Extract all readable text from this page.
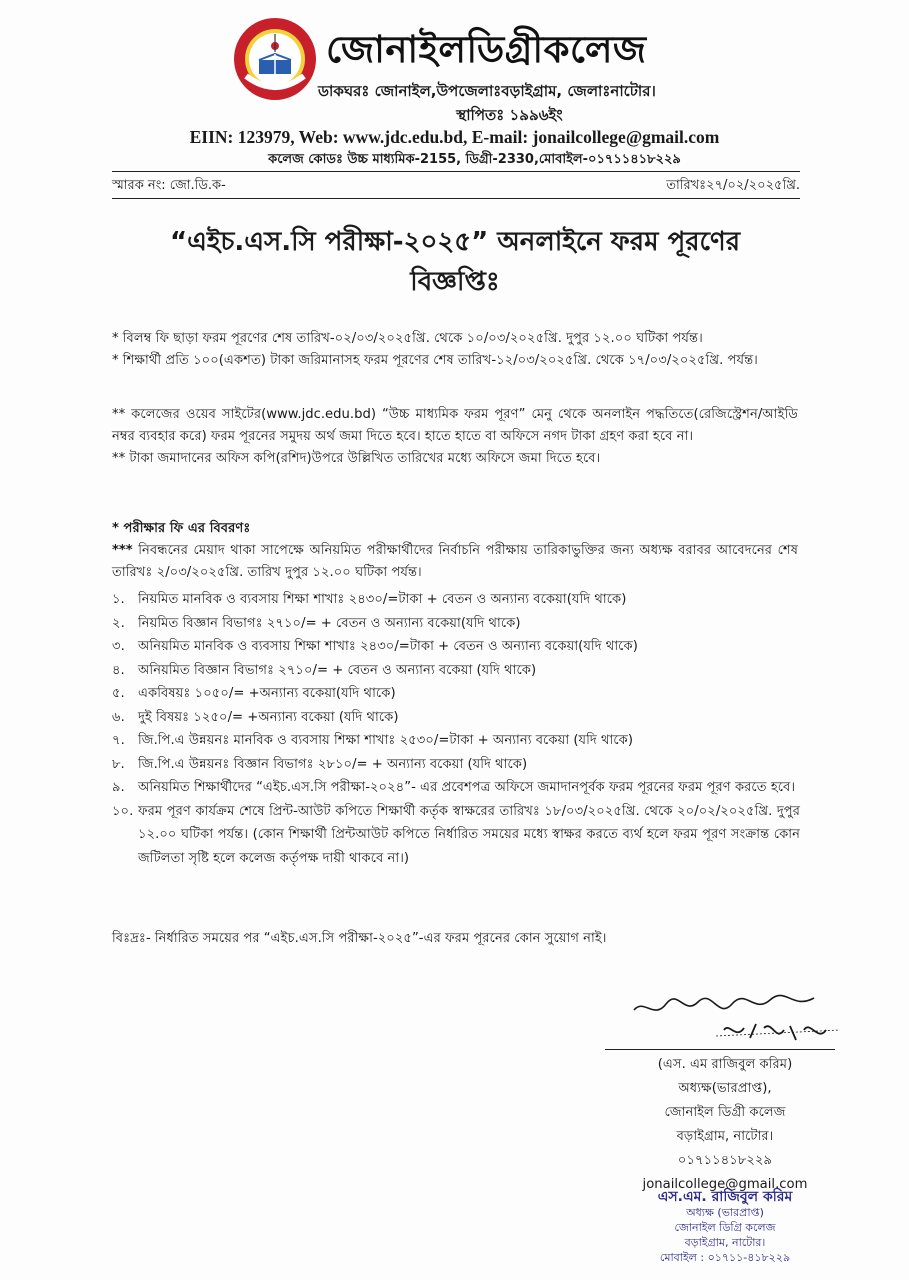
জোনাইলডিগ্রীকলেজ
ডাকঘরঃ জোনাইল,উপজেলাঃবড়াইগ্রাম, জেলাঃনাটোর।
স্থাপিতঃ ১৯৯৬ইং
EIIN: 123979, Web: www.jdc.edu.bd, E-mail: jonailcollege@gmail.com
কলেজ কোডঃ উচ্চ মাধ্যমিক-2155, ডিগ্রী-2330,মোবাইল-০১৭১১৪১৮২২৯
স্মারক নং: জো.ডি.ক-	তারিখঃ২৭/০২/২০২৫খ্রি.
“এইচ.এস.সি পরীক্ষা-২০২৫” অনলাইনে ফরম পূরণের
বিজ্ঞপ্তিঃ

* বিলম্ব ফি ছাড়া ফরম পূরণের শেষ তারিখ-০২/০৩/২০২৫খ্রি. থেকে ১০/০৩/২০২৫খ্রি. দুপুর ১২.০০ ঘটিকা পর্যন্ত।

* শিক্ষার্থী প্রতি ১০০(একশত) টাকা জরিমানাসহ ফরম পূরণের শেষ তারিখ-১২/০৩/২০২৫খ্রি. থেকে ১৭/০৩/২০২৫খ্রি. পর্যন্ত।

** কলেজের ওয়েব সাইটের(www.jdc.edu.bd) “উচ্চ মাধ্যমিক ফরম পূরণ” মেনু থেকে অনলাইন পদ্ধতিতে(রেজিস্ট্রেশন/আইডি নম্বর ব্যবহার করে) ফরম পূরনের সমুদয় অর্থ জমা দিতে হবে। হাতে হাতে বা অফিসে নগদ টাকা গ্রহণ করা হবে না।

** টাকা জমাদানের অফিস কপি(রশিদ)উপরে উল্লিখিত তারিখের মধ্যে অফিসে জমা দিতে হবে।

* পরীক্ষার ফি এর বিবরণঃ

*** নিবন্ধনের মেয়াদ থাকা সাপেক্ষে অনিয়মিত পরীক্ষার্থীদের নির্বাচনি পরীক্ষায় তারিকাভুক্তির জন্য অধ্যক্ষ বরাবর আবেদনের শেষ তারিখঃ ২/০৩/২০২৫খ্রি. তারিখ দুপুর ১২.০০ ঘটিকা পর্যন্ত।

১.	নিয়মিত মানবিক ও ব্যবসায় শিক্ষা শাখাঃ ২৪৩০/=টাকা + বেতন ও অন্যান্য বকেয়া(যদি থাকে)
২.	নিয়মিত বিজ্ঞান বিভাগঃ ২৭১০/= + বেতন ও অন্যান্য বকেয়া(যদি থাকে)
৩.	অনিয়মিত মানবিক ও ব্যবসায় শিক্ষা শাখাঃ ২৪৩০/=টাকা + বেতন ও অন্যান্য বকেয়া(যদি থাকে)
৪.	অনিয়মিত বিজ্ঞান বিভাগঃ ২৭১০/= + বেতন ও অন্যান্য বকেয়া (যদি থাকে)
৫.	একবিষয়ঃ ১০৫০/= +অন্যান্য বকেয়া(যদি থাকে)
৬.	দুই বিষয়ঃ ১২৫০/= +অন্যান্য বকেয়া (যদি থাকে)
৭.	জি.পি.এ উন্নয়নঃ মানবিক ও ব্যবসায় শিক্ষা শাখাঃ ২৫৩০/=টাকা + অন্যান্য বকেয়া (যদি থাকে)
৮.	জি.পি.এ উন্নয়নঃ বিজ্ঞান বিভাগঃ ২৮১০/= + অন্যান্য বকেয়া (যদি থাকে)
৯.	অনিয়মিত শিক্ষার্থীদের “এইচ.এস.সি পরীক্ষা-২০২৪”- এর প্রবেশপত্র অফিসে জমাদানপূর্বক ফরম পূরনের ফরম পূরণ করতে হবে।
১০. ফরম পূরণ কার্যক্রম শেষে প্রিন্ট-আউট কপিতে শিক্ষার্থী কর্তৃক স্বাক্ষরের তারিখঃ ১৮/০৩/২০২৫খ্রি. থেকে ২০/০২/২০২৫খ্রি. দুপুর ১২.০০ ঘটিকা পর্যন্ত। (কোন শিক্ষার্থী প্রিন্টআউট কপিতে নির্ধারিত সময়ের মধ্যে স্বাক্ষর করতে ব্যর্থ হলে ফরম পূরণ সংক্রান্ত কোন জটিলতা সৃষ্টি হলে কলেজ কর্তৃপক্ষ দায়ী থাকবে না।)
বিঃদ্রঃ- নির্ধারিত সময়ের পর “এইচ.এস.সি পরীক্ষা-২০২৫”-এর ফরম পূরনের কোন সুয়োগ নাই।
(এস. এম রাজিবুল করিম)
অধ্যক্ষ(ভারপ্রাপ্ত),
জোনাইল ডিগ্রী কলেজ
বড়াইগ্রাম, নাটোর।
০১৭১১৪১৮২২৯
jonailcollege@gmail.com
এস.এম. রাজিবুল করিম
অধ্যক্ষ (ভারপ্রাপ্ত)
জোনাইল ডিগ্রি কলেজ
বড়াইগ্রাম, নাটোর।
মোবাইল : ০১৭১১-৪১৮২২৯
